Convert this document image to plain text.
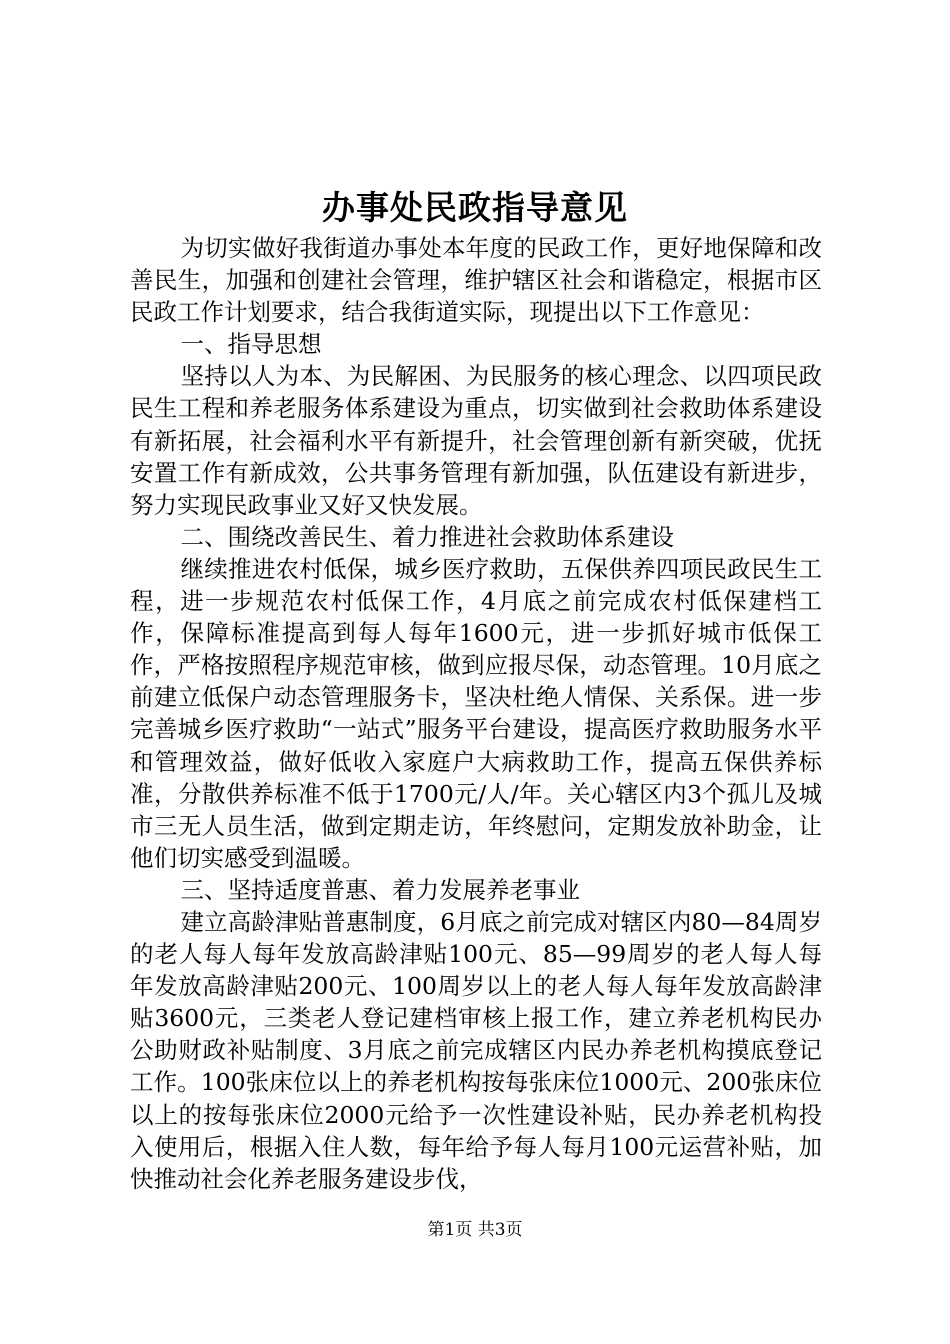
办事处民政指导意见

为切实做好我街道办事处本年度的民政工作，更好地保障和改善民生，加强和创建社会管理，维护辖区社会和谐稳定，根据市区民政工作计划要求，结合我街道实际，现提出以下工作意见：

一、指导思想

坚持以人为本、为民解困、为民服务的核心理念、以四项民政民生工程和养老服务体系建设为重点，切实做到社会救助体系建设有新拓展，社会福利水平有新提升，社会管理创新有新突破，优抚安置工作有新成效，公共事务管理有新加强，队伍建设有新进步，努力实现民政事业又好又快发展。

二、围绕改善民生、着力推进社会救助体系建设

继续推进农村低保，城乡医疗救助，五保供养四项民政民生工程，进一步规范农村低保工作，4月底之前完成农村低保建档工作，保障标准提高到每人每年1600元，进一步抓好城市低保工作，严格按照程序规范审核，做到应报尽保，动态管理。10月底之前建立低保户动态管理服务卡，坚决杜绝人情保、关系保。进一步完善城乡医疗救助“一站式”服务平台建设，提高医疗救助服务水平和管理效益，做好低收入家庭户大病救助工作，提高五保供养标准，分散供养标准不低于1700元/人/年。关心辖区内3个孤儿及城市三无人员生活，做到定期走访，年终慰问，定期发放补助金，让他们切实感受到温暖。

三、坚持适度普惠、着力发展养老事业

建立高龄津贴普惠制度，6月底之前完成对辖区内80—84周岁的老人每人每年发放高龄津贴100元、85—99周岁的老人每人每年发放高龄津贴200元、100周岁以上的老人每人每年发放高龄津贴3600元，三类老人登记建档审核上报工作，建立养老机构民办公助财政补贴制度、3月底之前完成辖区内民办养老机构摸底登记工作。100张床位以上的养老机构按每张床位1000元、200张床位以上的按每张床位2000元给予一次性建设补贴，民办养老机构投入使用后，根据入住人数，每年给予每人每月100元运营补贴，加快推动社会化养老服务建设步伐，

第1页 共3页
